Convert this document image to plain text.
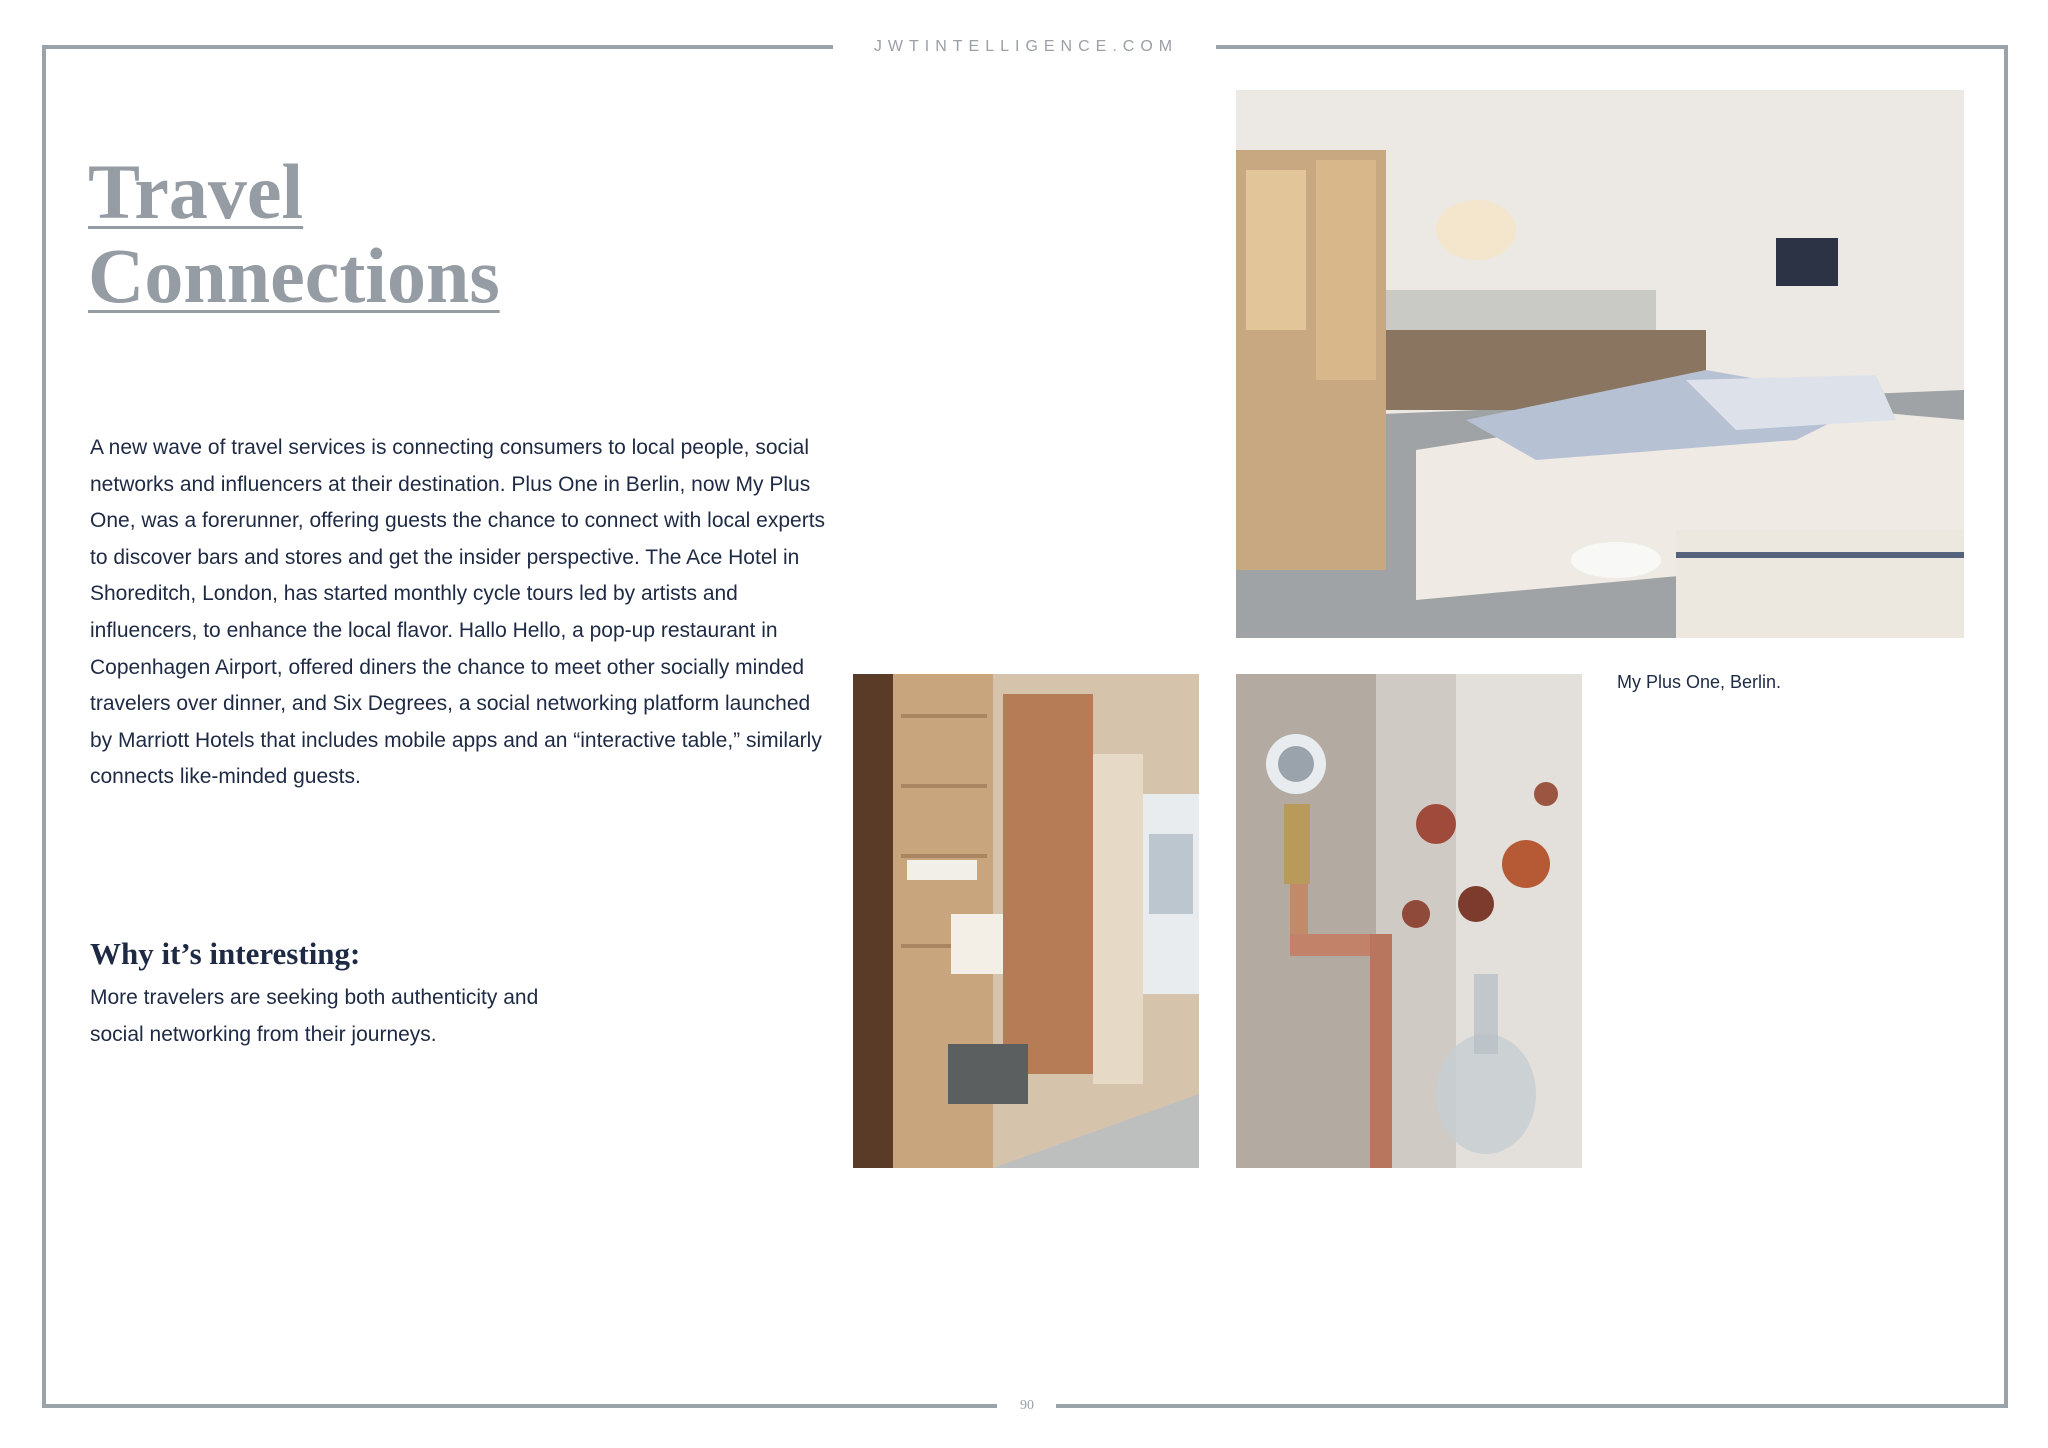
JWTINTELLIGENCE.COM
Travel
Connections
A new wave of travel services is connecting consumers to local people, social networks and influencers at their destination. Plus One in Berlin, now My Plus One, was a forerunner, offering guests the chance to connect with local experts to discover bars and stores and get the insider perspective. The Ace Hotel in Shoreditch, London, has started monthly cycle tours led by artists and influencers, to enhance the local flavor. Hallo Hello, a pop-up restaurant in Copenhagen Airport, offered diners the chance to meet other socially minded travelers over dinner, and Six Degrees, a social networking platform launched by Marriott Hotels that includes mobile apps and an “interactive table,” similarly connects like-minded guests.
Why it’s interesting:
More travelers are seeking both authenticity and social networking from their journeys.
My Plus One, Berlin.
90
